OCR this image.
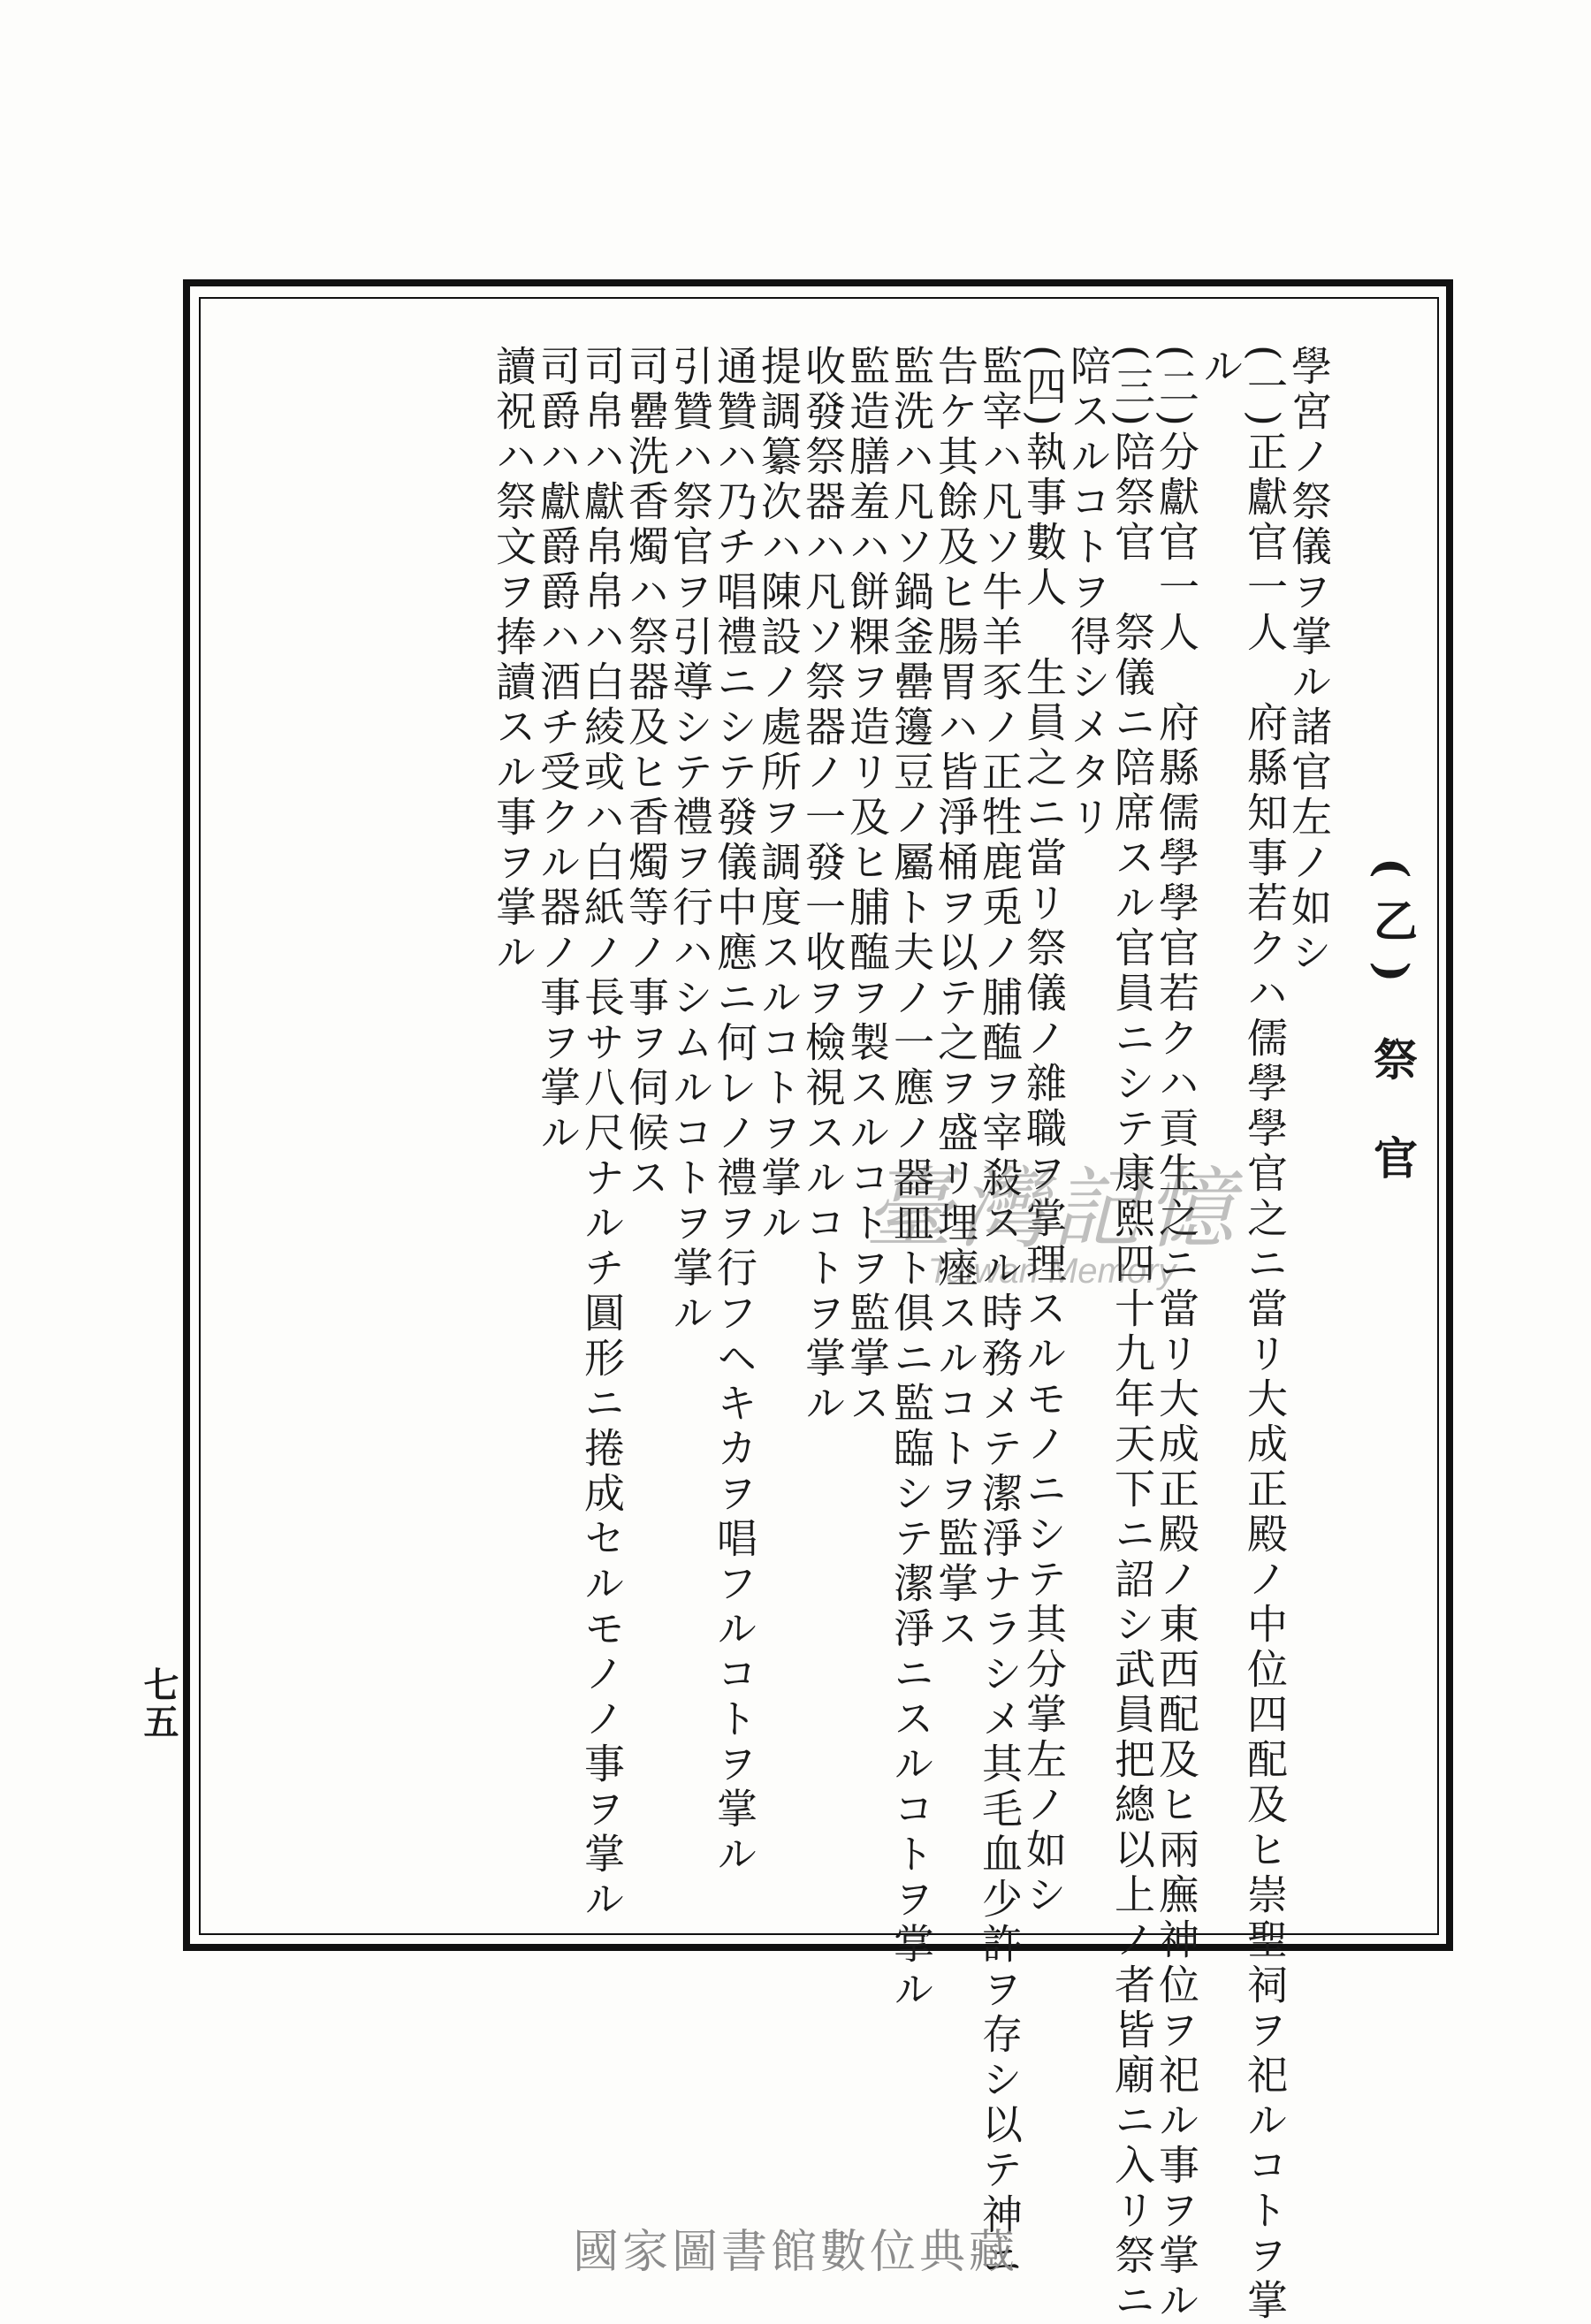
(乙) 祭 官

學宮ノ祭儀ヲ掌ル諸官左ノ如シ

(一)正獻官一人　府縣知事若クハ儒學學官之ニ當リ大成正殿ノ中位四配及ヒ崇聖祠ヲ祀ルコトヲ掌

ル

(二)分獻官一人　府縣儒學學官若クハ貢生之ニ當リ大成正殿ノ東西配及ヒ兩廡神位ヲ祀ル事ヲ掌ル

(三)陪祭官　祭儀ニ陪席スル官員ニシテ康熙四十九年天下ニ詔シ武員把總以上ノ者皆廟ニ入リ祭ニ

陪スルコトヲ得シメタリ

(四)執事數人　生員之ニ當リ祭儀ノ雜職ヲ掌理スルモノニシテ其分掌左ノ如シ

監宰ハ凡ソ牛羊豕ノ正牲鹿兎ノ脯醢ヲ宰殺スル時務メテ潔淨ナラシメ其毛血少許ヲ存シ以テ神ニ

告ケ其餘及ヒ腸胃ハ皆淨桶ヲ以テ之ヲ盛リ埋瘞スルコトヲ監掌ス

監洗ハ凡ソ鍋釜罍籩豆ノ屬ト夫ノ一應ノ器皿ト俱ニ監臨シテ潔淨ニスルコトヲ掌ル

監造膳羞ハ餅粿ヲ造リ及ヒ脯醢ヲ製スルコトヲ監掌ス

收發祭器ハ凡ソ祭器ノ一發一收ヲ檢視スルコトヲ掌ル

提調纂次ハ陳設ノ處所ヲ調度スルコトヲ掌ル

通贊ハ乃チ唱禮ニシテ發儀中應ニ何レノ禮ヲ行フヘキカヲ唱フルコトヲ掌ル

引贊ハ祭官ヲ引導シテ禮ヲ行ハシムルコトヲ掌ル

司罍洗香燭ハ祭器及ヒ香燭等ノ事ヲ伺候ス

司帛ハ獻帛帛ハ白綾或ハ白紙ノ長サ八尺ナルチ圓形ニ捲成セルモノノ事ヲ掌ル

司爵ハ獻爵爵ハ酒チ受クル器ノ事ヲ掌ル

讀祝ハ祭文ヲ捧讀スル事ヲ掌ル

七五
臺灣記憶
Taiwan Memory
國家圖書館數位典藏
